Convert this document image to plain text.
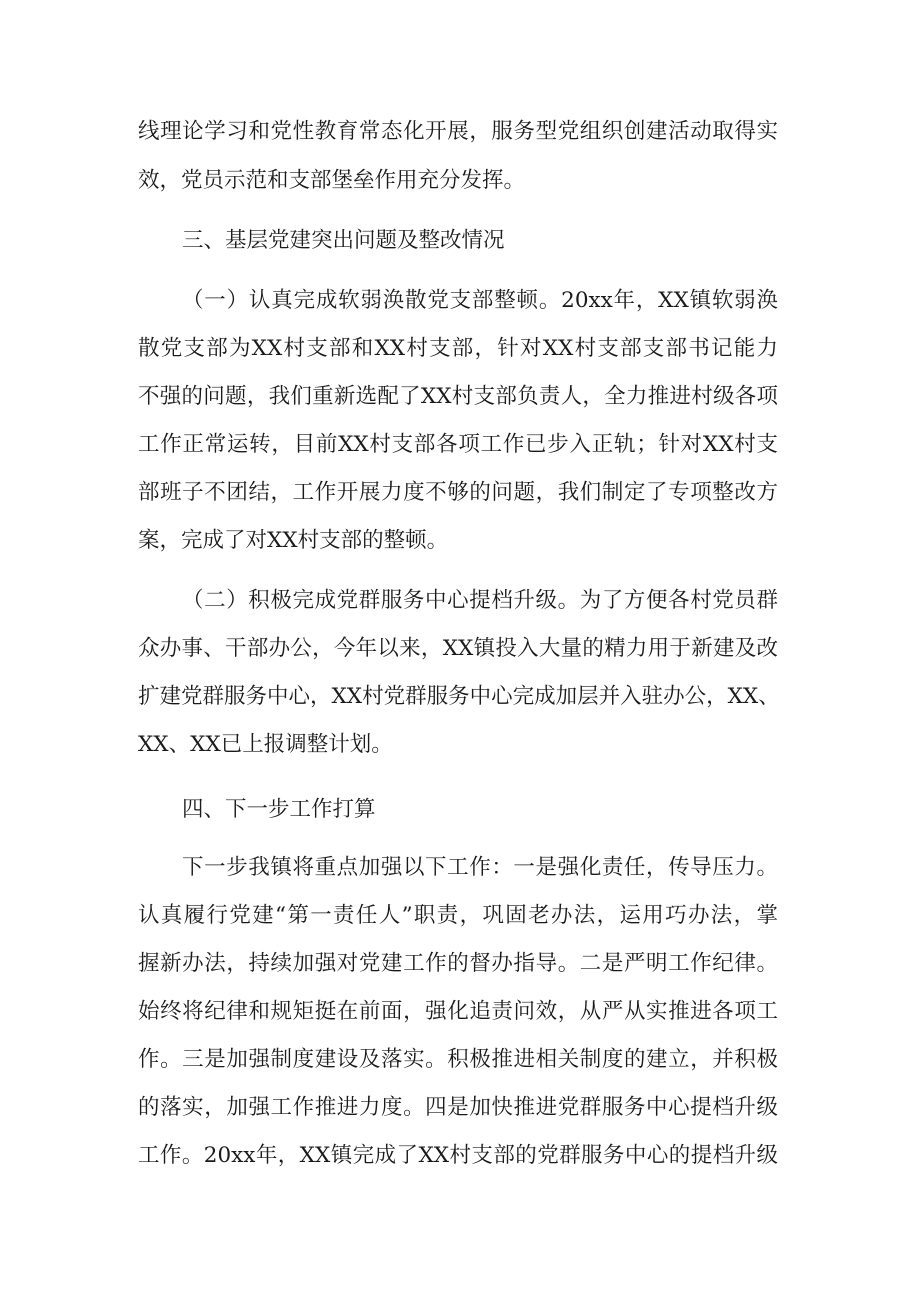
线理论学习和党性教育常态化开展，服务型党组织创建活动取得实
效，党员示范和支部堡垒作用充分发挥。
三、基层党建突出问题及整改情况
（一）认真完成软弱涣散党支部整顿。20xx年，XX镇软弱涣
散党支部为XX村支部和XX村支部，针对XX村支部支部书记能力
不强的问题，我们重新选配了XX村支部负责人，全力推进村级各项
工作正常运转，目前XX村支部各项工作已步入正轨；针对XX村支
部班子不团结，工作开展力度不够的问题，我们制定了专项整改方
案，完成了对XX村支部的整顿。
（二）积极完成党群服务中心提档升级。为了方便各村党员群
众办事、干部办公，今年以来，XX镇投入大量的精力用于新建及改
扩建党群服务中心，XX村党群服务中心完成加层并入驻办公，XX、
XX、XX已上报调整计划。
四、下一步工作打算
下一步我镇将重点加强以下工作：一是强化责任，传导压力。
认真履行党建“第一责任人”职责，巩固老办法，运用巧办法，掌
握新办法，持续加强对党建工作的督办指导。二是严明工作纪律。
始终将纪律和规矩挺在前面，强化追责问效，从严从实推进各项工
作。三是加强制度建设及落实。积极推进相关制度的建立，并积极
的落实，加强工作推进力度。四是加快推进党群服务中心提档升级
工作。20xx年，XX镇完成了XX村支部的党群服务中心的提档升级
